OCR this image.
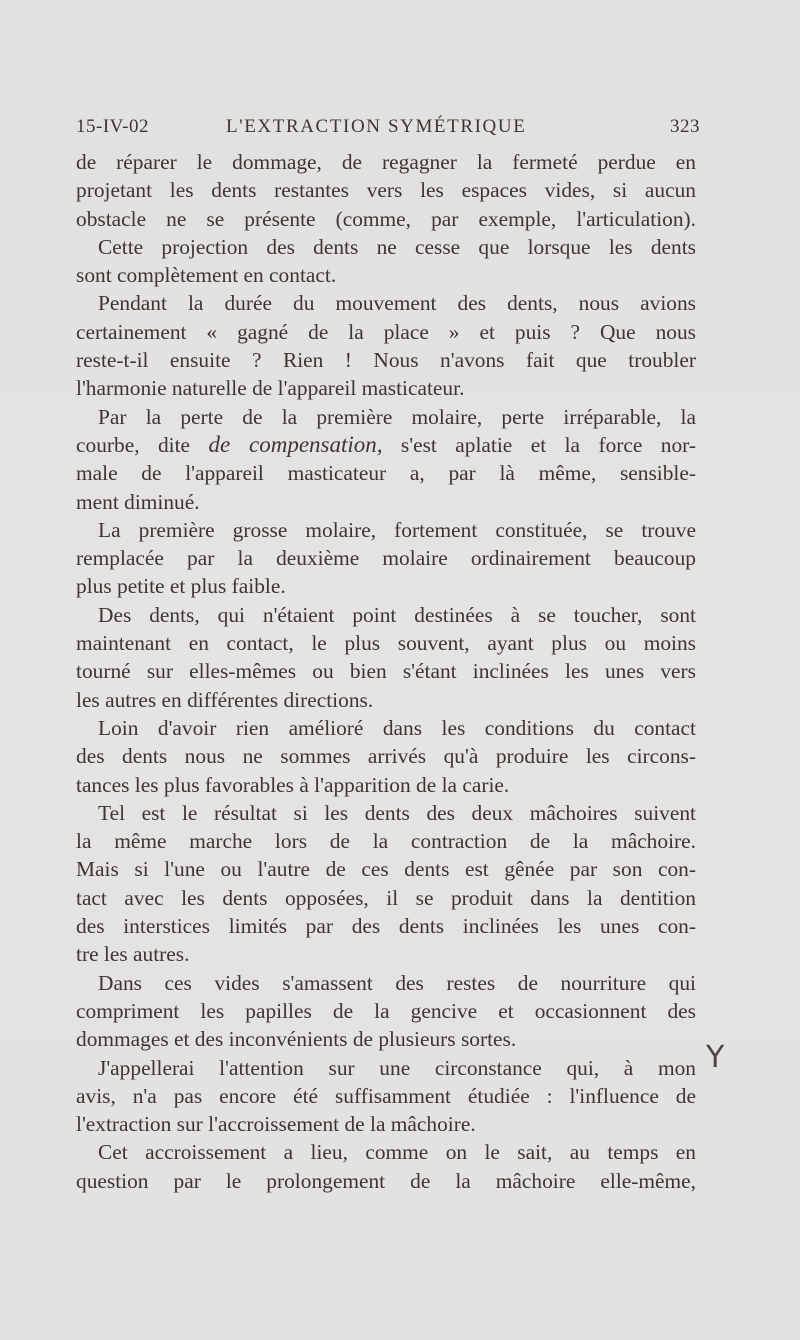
15-IV-02	L'EXTRACTION SYMÉTRIQUE	323
de réparer le dommage, de regagner la fermeté perdue en
projetant les dents restantes vers les espaces vides, si aucun
obstacle ne se présente (comme, par exemple, l'articulation).
Cette projection des dents ne cesse que lorsque les dents
sont complètement en contact.
Pendant la durée du mouvement des dents, nous avions
certainement « gagné de la place » et puis ? Que nous
reste-t-il ensuite ? Rien ! Nous n'avons fait que troubler
l'harmonie naturelle de l'appareil masticateur.
Par la perte de la première molaire, perte irréparable, la
courbe, dite de compensation, s'est aplatie et la force nor-
male de l'appareil masticateur a, par là même, sensible-
ment diminué.
La première grosse molaire, fortement constituée, se trouve
remplacée par la deuxième molaire ordinairement beaucoup
plus petite et plus faible.
Des dents, qui n'étaient point destinées à se toucher, sont
maintenant en contact, le plus souvent, ayant plus ou moins
tourné sur elles-mêmes ou bien s'étant inclinées les unes vers
les autres en différentes directions.
Loin d'avoir rien amélioré dans les conditions du contact
des dents nous ne sommes arrivés qu'à produire les circons-
tances les plus favorables à l'apparition de la carie.
Tel est le résultat si les dents des deux mâchoires suivent
la même marche lors de la contraction de la mâchoire.
Mais si l'une ou l'autre de ces dents est gênée par son con-
tact avec les dents opposées, il se produit dans la dentition
des interstices limités par des dents inclinées les unes con-
tre les autres.
Dans ces vides s'amassent des restes de nourriture qui
compriment les papilles de la gencive et occasionnent des
dommages et des inconvénients de plusieurs sortes.
J'appellerai l'attention sur une circonstance qui, à mon
avis, n'a pas encore été suffisamment étudiée : l'influence de
l'extraction sur l'accroissement de la mâchoire.
Cet accroissement a lieu, comme on le sait, au temps en
question par le prolongement de la mâchoire elle-même,
Y
